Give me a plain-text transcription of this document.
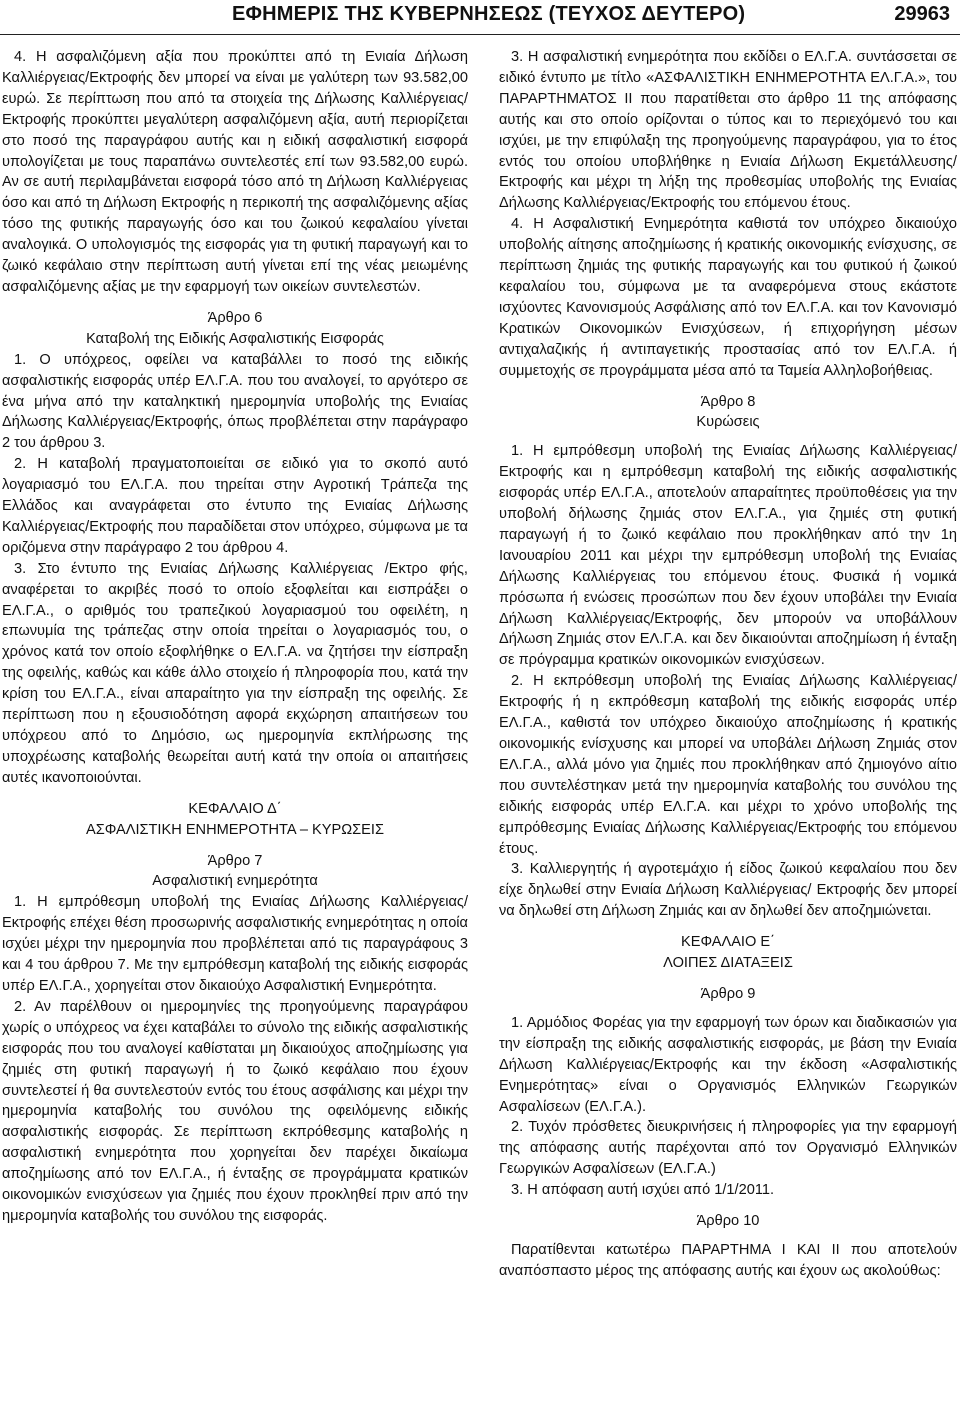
ΕΦΗΜΕΡΙΣ ΤΗΣ ΚΥΒΕΡΝΗΣΕΩΣ (ΤΕΥΧΟΣ ΔΕΥΤΕΡΟ)	29963

4. Η ασφαλιζόμενη αξία που προκύπτει από τη Ενιαία Δήλωση Καλλιέργειας/Εκτροφής δεν μπορεί να είναι με γαλύτερη των 93.582,00 ευρώ. Σε περίπτωση που από τα στοιχεία της Δήλωσης Καλλιέργειας/Εκτροφής προκύπτει μεγαλύτερη ασφαλιζόμενη αξία, αυτή περιορίζεται στο ποσό της παραγράφου αυτής και η ειδική ασφαλιστική εισφορά υπολογίζεται με τους παραπάνω συντελεστές επί των 93.582,00 ευρώ. Αν σε αυτή περιλαμβάνεται εισφορά τόσο από τη Δήλωση Καλλιέργειας όσο και από τη Δήλωση Εκτροφής η περικοπή της ασφαλιζόμενης αξίας τόσο της φυτικής παραγωγής όσο και του ζωικού κεφαλαίου γίνεται αναλογικά. Ο υπολογισμός της εισφοράς για τη φυτική παραγωγή και το ζωικό κεφάλαιο στην περίπτωση αυτή γίνεται επί της νέας μειωμένης ασφαλιζόμενης αξίας με την εφαρμογή των οικείων συντελεστών.

Άρθρο 6

Καταβολή της Ειδικής Ασφαλιστικής Εισφοράς

1. Ο υπόχρεος, οφείλει να καταβάλλει το ποσό της ειδικής ασφαλιστικής εισφοράς υπέρ ΕΛ.Γ.Α. που του αναλογεί, το αργότερο σε ένα μήνα από την καταληκτική ημερομηνία υποβολής της Ενιαίας Δήλωσης Καλλιέργειας/Εκτροφής, όπως προβλέπεται στην παράγραφο 2 του άρθρου 3.

2. Η καταβολή πραγματοποιείται σε ειδικό για το σκοπό αυτό λογαριασμό του ΕΛ.Γ.Α. που τηρείται στην Αγροτική Τράπεζα της Ελλάδος και αναγράφεται στο έντυπο της Ενιαίας Δήλωσης Καλλιέργειας/Εκτροφής που παραδίδεται στον υπόχρεο, σύμφωνα με τα οριζόμενα στην παράγραφο 2 του άρθρου 4.

3. Στο έντυπο της Ενιαίας Δήλωσης Καλλιέργειας /Εκτρο φής, αναφέρεται το ακριβές ποσό το οποίο εξοφλείται και εισπράξει ο ΕΛ.Γ.Α., ο αριθμός του τραπεζικού λογαριασμού του οφειλέτη, η επωνυμία της τράπεζας στην οποία τηρείται ο λογαριασμός του, ο χρόνος κατά τον οποίο εξοφλήθηκε ο ΕΛ.Γ.Α. να ζητήσει την είσπραξη της οφειλής, καθώς και κάθε άλλο στοιχείο ή πληροφορία που, κατά την κρίση του ΕΛ.Γ.Α., είναι απαραίτητο για την είσπραξη της οφειλής. Σε περίπτωση που η εξουσιοδότηση αφορά εκχώρηση απαιτήσεων του υπόχρεου από το Δημόσιο, ως ημερομηνία εκπλήρωσης της υποχρέωσης καταβολής θεωρείται αυτή κατά την οποία οι απαιτήσεις αυτές ικανοποιούνται.

ΚΕΦΑΛΑΙΟ Δ΄

ΑΣΦΑΛΙΣΤΙΚΗ ΕΝΗΜΕΡΟΤΗΤΑ – ΚΥΡΩΣΕΙΣ

Άρθρο 7

Ασφαλιστική ενημερότητα

1. Η εμπρόθεσμη υποβολή της Ενιαίας Δήλωσης Καλλιέργειας/ Εκτροφής επέχει θέση προσωρινής ασφαλιστικής ενημερότητας η οποία ισχύει μέχρι την ημερομηνία που προβλέπεται από τις παραγράφους 3 και 4 του άρθρου 7. Με την εμπρόθεσμη καταβολή της ειδικής εισφοράς υπέρ ΕΛ.Γ.Α., χορηγείται στον δικαιούχο Ασφαλιστική Ενημερότητα.

2. Αν παρέλθουν οι ημερομηνίες της προηγούμενης παραγράφου χωρίς ο υπόχρεος να έχει καταβάλει το σύνολο της ειδικής ασφαλιστικής εισφοράς που του αναλογεί καθίσταται μη δικαιούχος αποζημίωσης για ζημιές στη φυτική παραγωγή ή το ζωικό κεφάλαιο που έχουν συντελεστεί ή θα συντελεστούν εντός του έτους ασφάλισης και μέχρι την ημερομηνία καταβολής του συνόλου της οφειλόμενης ειδικής ασφαλιστικής εισφοράς. Σε περίπτωση εκπρόθεσμης καταβολής η ασφαλιστική ενημερότητα που χορηγείται δεν παρέχει δικαίωμα αποζημίωσης από τον ΕΛ.Γ.Α., ή ένταξης σε προγράμματα κρατικών οικονομικών ενισχύσεων για ζημιές που έχουν προκληθεί πριν από την ημερομηνία καταβολής του συνόλου της εισφοράς.

3. Η ασφαλιστική ενημερότητα που εκδίδει ο ΕΛ.Γ.Α. συντάσσεται σε ειδικό έντυπο με τίτλο «ΑΣΦΑΛΙΣΤΙΚΗ ΕΝΗΜΕΡΟΤΗΤΑ ΕΛ.Γ.Α.», του ΠΑΡΑΡΤΗΜΑΤΟΣ II που παρατίθεται στο άρθρο 11 της απόφασης αυτής και στο οποίο ορίζονται ο τύπος και το περιεχόμενό του και ισχύει, με την επιφύλαξη της προηγούμενης παραγράφου, για το έτος εντός του οποίου υποβλήθηκε η Ενιαία Δήλωση Εκμετάλλευσης/ Εκτροφής και μέχρι τη λήξη της προθεσμίας υποβολής της Ενιαίας Δήλωσης Καλλιέργειας/Εκτροφής του επόμενου έτους.

4. Η Ασφαλιστική Ενημερότητα καθιστά τον υπόχρεο δικαιούχο υποβολής αίτησης αποζημίωσης ή κρατικής οικονομικής ενίσχυσης, σε περίπτωση ζημιάς της φυτικής παραγωγής και του φυτικού ή ζωικού κεφαλαίου του, σύμφωνα με τα αναφερόμενα στους εκάστοτε ισχύοντες Κανονισμούς Ασφάλισης από τον ΕΛ.Γ.Α. και τον Κανονισμό Κρατικών Οικονομικών Ενισχύσεων, ή επιχορήγηση μέσων αντιχαλαζικής ή αντιπαγετικής προστασίας από τον ΕΛ.Γ.Α. ή συμμετοχής σε προγράμματα μέσα από τα Ταμεία Αλληλοβοήθειας.

Άρθρο 8

Κυρώσεις

1. Η εμπρόθεσμη υποβολή της Ενιαίας Δήλωσης Καλλιέργειας/ Εκτροφής και η εμπρόθεσμη καταβολή της ειδικής ασφαλιστικής εισφοράς υπέρ ΕΛ.Γ.Α., αποτελούν απαραίτητες προϋποθέσεις για την υποβολή δήλωσης ζημιάς στον ΕΛ.Γ.Α., για ζημιές στη φυτική παραγωγή ή το ζωικό κεφάλαιο που προκλήθηκαν από την 1η Ιανουαρίου 2011 και μέχρι την εμπρόθεσμη υποβολή της Ενιαίας Δήλωσης Καλλιέργειας του επόμενου έτους. Φυσικά ή νομικά πρόσωπα ή ενώσεις προσώπων που δεν έχουν υποβάλει την Ενιαία Δήλωση Καλλιέργειας/Εκτροφής, δεν μπορούν να υποβάλλουν Δήλωση Ζημιάς στον ΕΛ.Γ.Α. και δεν δικαιούνται αποζημίωση ή ένταξη σε πρόγραμμα κρατικών οικονομικών ενισχύσεων.

2. Η εκπρόθεσμη υποβολή της Ενιαίας Δήλωσης Καλλιέργειας/Εκτροφής ή η εκπρόθεσμη καταβολή της ειδικής εισφοράς υπέρ ΕΛ.Γ.Α., καθιστά τον υπόχρεο δικαιούχο αποζημίωσης ή κρατικής οικονομικής ενίσχυσης και μπορεί να υποβάλει Δήλωση Ζημιάς στον ΕΛ.Γ.Α., αλλά μόνο για ζημιές που προκλήθηκαν από ζημιογόνο αίτιο που συντελέστηκαν μετά την ημερομηνία καταβολής του συνόλου της ειδικής εισφοράς υπέρ ΕΛ.Γ.Α. και μέχρι το χρόνο υποβολής της εμπρόθεσμης Ενιαίας Δήλωσης Καλλιέργειας/Εκτροφής του επόμενου έτους.

3. Καλλιεργητής ή αγροτεμάχιο ή είδος ζωικού κεφαλαίου που δεν είχε δηλωθεί στην Ενιαία Δήλωση Καλλιέργειας/ Εκτροφής δεν μπορεί να δηλωθεί στη Δήλωση Ζημιάς και αν δηλωθεί δεν αποζημιώνεται.

ΚΕΦΑΛΑΙΟ Ε΄

ΛΟΙΠΕΣ ΔΙΑΤΑΞΕΙΣ

Άρθρο 9

1. Αρμόδιος Φορέας για την εφαρμογή των όρων και διαδικασιών για την είσπραξη της ειδικής ασφαλιστικής εισφοράς, με βάση την Ενιαία Δήλωση Καλλιέργειας/Εκτροφής και την έκδοση «Ασφαλιστικής Ενημερότητας» είναι ο Οργανισμός Ελληνικών Γεωργικών Ασφαλίσεων (ΕΛ.Γ.Α.).

2. Τυχόν πρόσθετες διευκρινήσεις ή πληροφορίες για την εφαρμογή της απόφασης αυτής παρέχονται από τον Οργανισμό Ελληνικών Γεωργικών Ασφαλίσεων (ΕΛ.Γ.Α.)

3. Η απόφαση αυτή ισχύει από 1/1/2011.

Άρθρο 10

Παρατίθενται κατωτέρω ΠΑΡΑΡΤΗΜΑ I ΚΑΙ II που αποτελούν αναπόσπαστο μέρος της απόφασης αυτής και έχουν ως ακολούθως:
